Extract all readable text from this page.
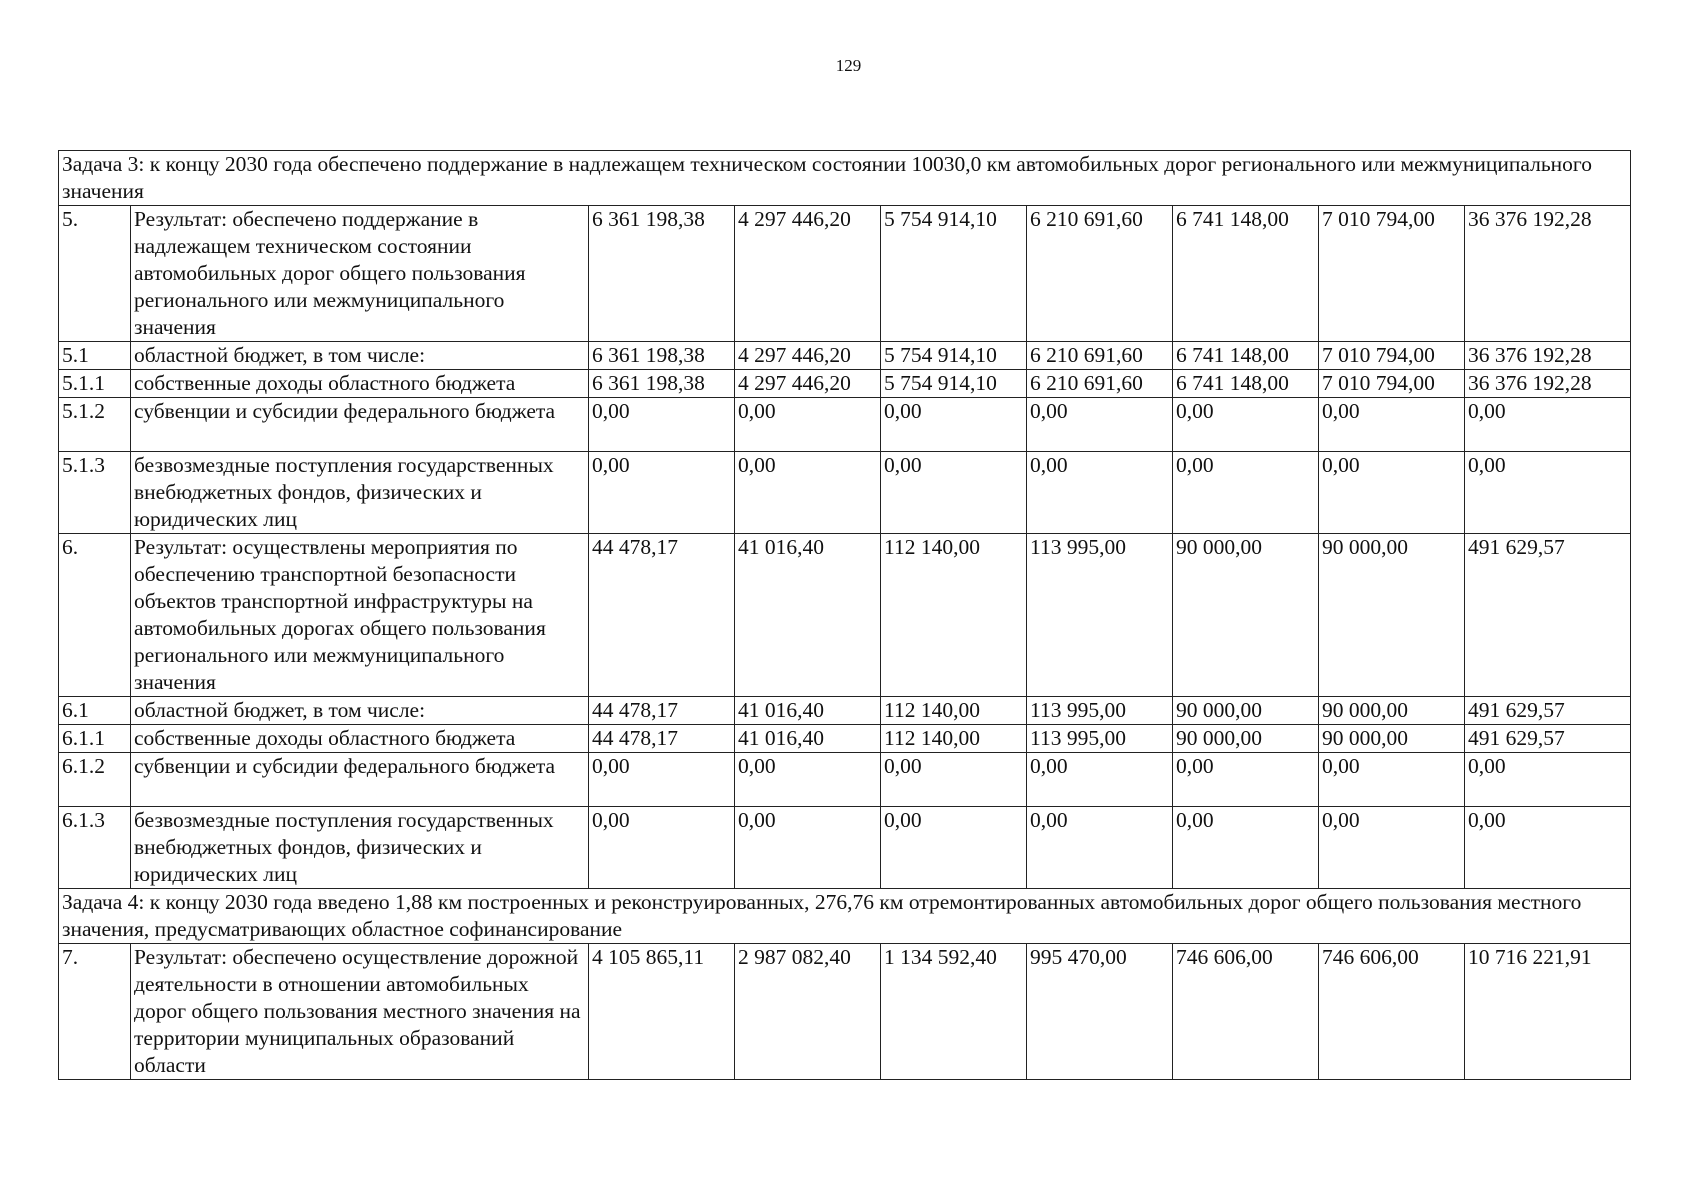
129
Задача 3: к концу 2030 года обеспечено поддержание в надлежащем техническом состоянии 10030,0 км автомобильных дорог регионального или межмуниципального значения								
5.	Результат: обеспечено поддержание в надлежащем техническом состоянии автомобильных дорог общего пользования регионального или межмуниципального значения	6 361 198,38	4 297 446,20	5 754 914,10	6 210 691,60	6 741 148,00	7 010 794,00	36 376 192,28
5.1	областной бюджет, в том числе:	6 361 198,38	4 297 446,20	5 754 914,10	6 210 691,60	6 741 148,00	7 010 794,00	36 376 192,28
5.1.1	собственные доходы областного бюджета	6 361 198,38	4 297 446,20	5 754 914,10	6 210 691,60	6 741 148,00	7 010 794,00	36 376 192,28
5.1.2	субвенции и субсидии федерального бюджета	0,00	0,00	0,00	0,00	0,00	0,00	0,00
5.1.3	безвозмездные поступления государственных внебюджетных фондов, физических и юридических лиц	0,00	0,00	0,00	0,00	0,00	0,00	0,00
6.	Результат: осуществлены мероприятия по обеспечению транспортной безопасности объектов транспортной инфраструктуры на автомобильных дорогах общего пользования регионального или межмуниципального значения	44 478,17	41 016,40	112 140,00	113 995,00	90 000,00	90 000,00	491 629,57
6.1	областной бюджет, в том числе:	44 478,17	41 016,40	112 140,00	113 995,00	90 000,00	90 000,00	491 629,57
6.1.1	собственные доходы областного бюджета	44 478,17	41 016,40	112 140,00	113 995,00	90 000,00	90 000,00	491 629,57
6.1.2	субвенции и субсидии федерального бюджета	0,00	0,00	0,00	0,00	0,00	0,00	0,00
6.1.3	безвозмездные поступления государственных внебюджетных фондов, физических и юридических лиц	0,00	0,00	0,00	0,00	0,00	0,00	0,00
Задача 4: к концу 2030 года введено 1,88 км построенных и реконструированных, 276,76 км отремонтированных автомобильных дорог общего пользования местного значения, предусматривающих областное софинансирование								
7.	Результат: обеспечено осуществление дорожной деятельности в отношении автомобильных дорог общего пользования местного значения на территории муниципальных образований области	4 105 865,11	2 987 082,40	1 134 592,40	995 470,00	746 606,00	746 606,00	10 716 221,91
